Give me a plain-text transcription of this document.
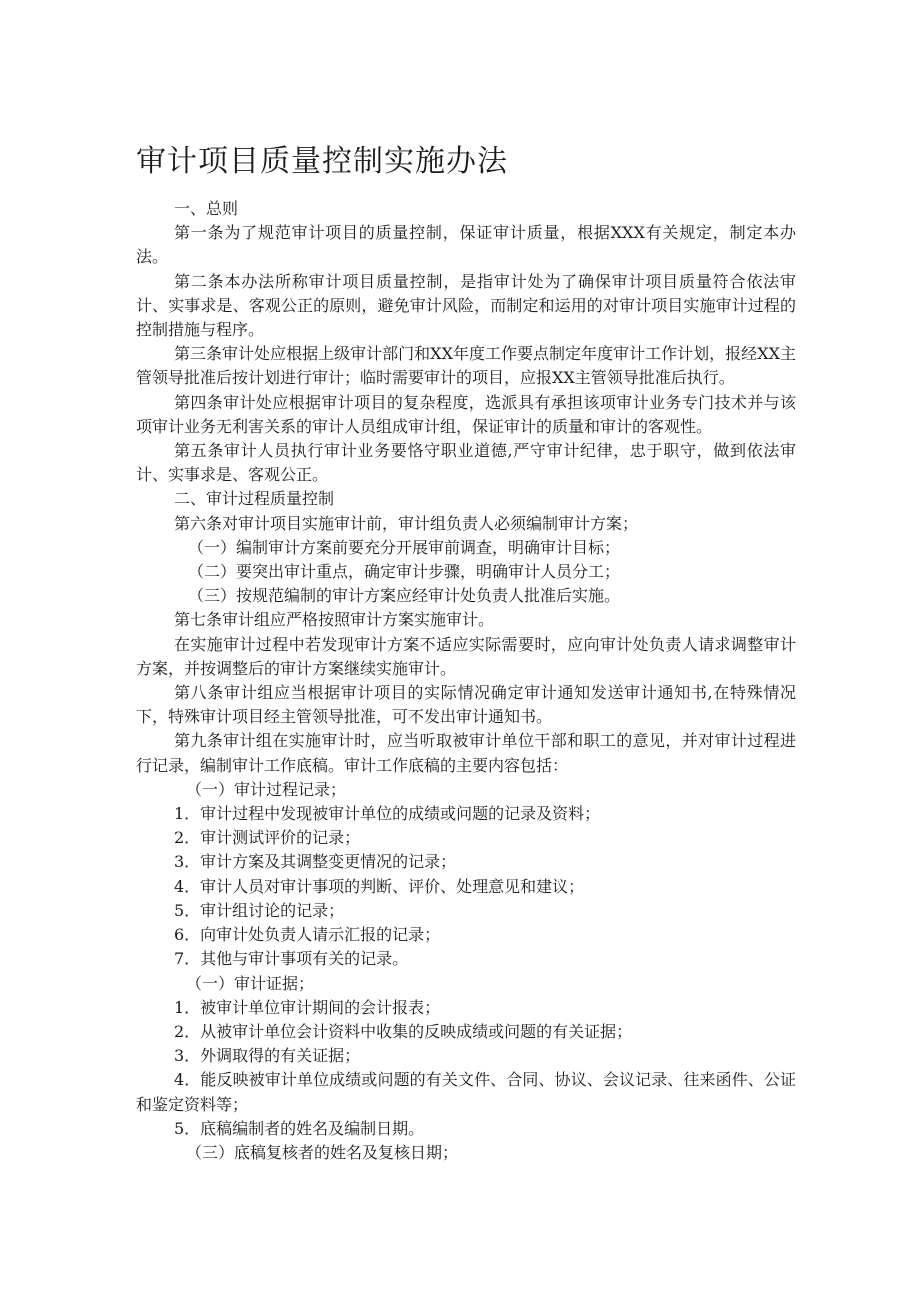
审计项目质量控制实施办法

一、总则

第一条为了规范审计项目的质量控制，保证审计质量，根据XXX有关规定，制定本办法。

第二条本办法所称审计项目质量控制，是指审计处为了确保审计项目质量符合依法审计、实事求是、客观公正的原则，避免审计风险，而制定和运用的对审计项目实施审计过程的控制措施与程序。

第三条审计处应根据上级审计部门和XX年度工作要点制定年度审计工作计划，报经XX主管领导批准后按计划进行审计；临时需要审计的项目，应报XX主管领导批准后执行。

第四条审计处应根据审计项目的复杂程度，选派具有承担该项审计业务专门技术并与该项审计业务无利害关系的审计人员组成审计组，保证审计的质量和审计的客观性。

第五条审计人员执行审计业务要恪守职业道德,严守审计纪律，忠于职守，做到依法审计、实事求是、客观公正。

二、审计过程质量控制

第六条对审计项目实施审计前，审计组负责人必须编制审计方案；

（一）编制审计方案前要充分开展审前调查，明确审计目标；

（二）要突出审计重点，确定审计步骤，明确审计人员分工；

（三）按规范编制的审计方案应经审计处负责人批准后实施。

第七条审计组应严格按照审计方案实施审计。

在实施审计过程中若发现审计方案不适应实际需要时，应向审计处负责人请求调整审计方案，并按调整后的审计方案继续实施审计。

第八条审计组应当根据审计项目的实际情况确定审计通知发送审计通知书,在特殊情况下，特殊审计项目经主管领导批准，可不发出审计通知书。

第九条审计组在实施审计时，应当听取被审计单位干部和职工的意见，并对审计过程进行记录，编制审计工作底稿。审计工作底稿的主要内容包括：

（一）审计过程记录；

1．审计过程中发现被审计单位的成绩或问题的记录及资料；

2．审计测试评价的记录；

3．审计方案及其调整变更情况的记录；

4．审计人员对审计事项的判断、评价、处理意见和建议；

5．审计组讨论的记录；

6．向审计处负责人请示汇报的记录；

7．其他与审计事项有关的记录。

（一）审计证据；

1．被审计单位审计期间的会计报表；

2．从被审计单位会计资料中收集的反映成绩或问题的有关证据；

3．外调取得的有关证据；

4．能反映被审计单位成绩或问题的有关文件、合同、协议、会议记录、往来函件、公证和鉴定资料等；

5．底稿编制者的姓名及编制日期。

（三）底稿复核者的姓名及复核日期；
